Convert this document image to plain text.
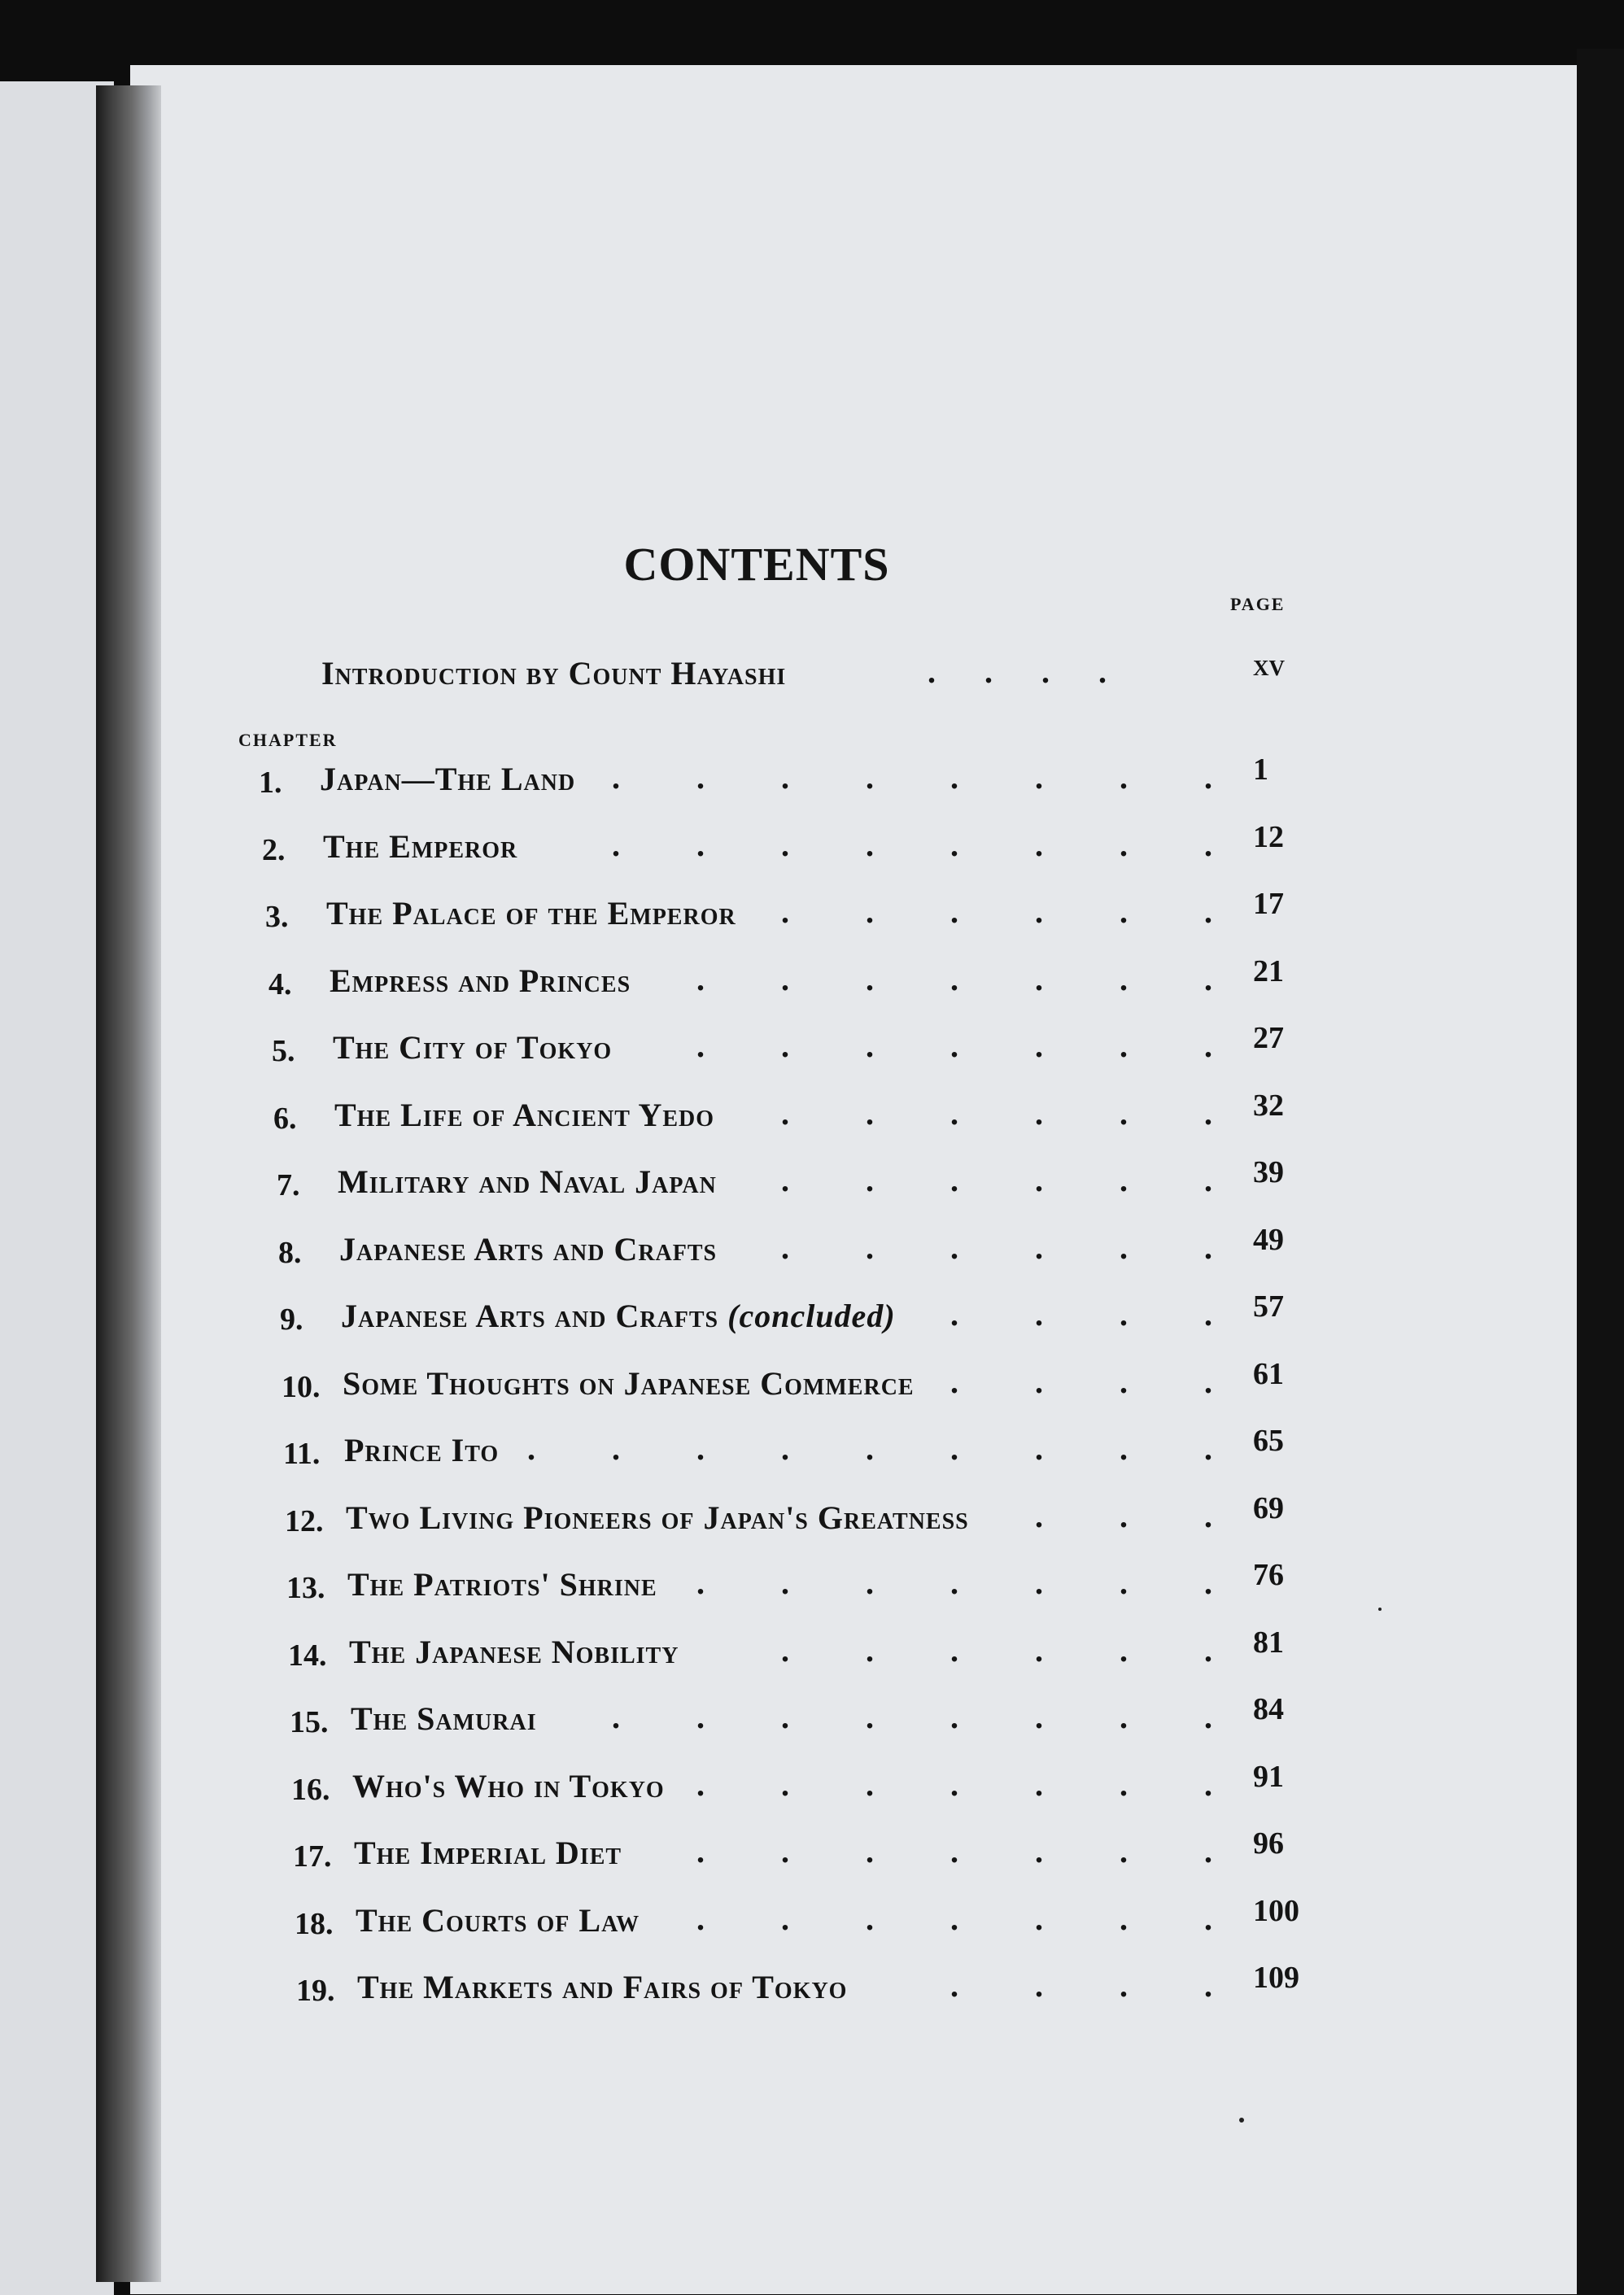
CONTENTS
PAGE
Introduction by Count Hayashi	.      .      .      .	xv
CHAPTER
1. Japan—The Land . . . . . . . . 1
2. The Emperor	. . . . . . . . 12
3. The Palace of the Emperor . . . . . . 17
4. Empress and Princes . . . . . . . 21
5. The City of Tokyo	. . . . . . . 27
6. The Life of Ancient Yedo . . . . . . 32
7. Military and Naval Japan . . . . . . 39
8. Japanese Arts and Crafts . . . . . . 49
9. Japanese Arts and Crafts (concluded) . . . . 57
10. Some Thoughts on Japanese Commerce . . . . 61
11. Prince Ito . . . . . . . . . 65
12. Two Living Pioneers of Japan's Greatness . . . 69
13. The Patriots' Shrine . . . . . . . 76
14. The Japanese Nobility	. . . . . . 81
15. The Samurai . . . . . . . . 84
16. Who's Who in Tokyo . . . . . . . 91
17. The Imperial Diet . . . . . . . 96
18. The Courts of Law . . . . . . . 100
19. The Markets and Fairs of Tokyo	. . . . 109
